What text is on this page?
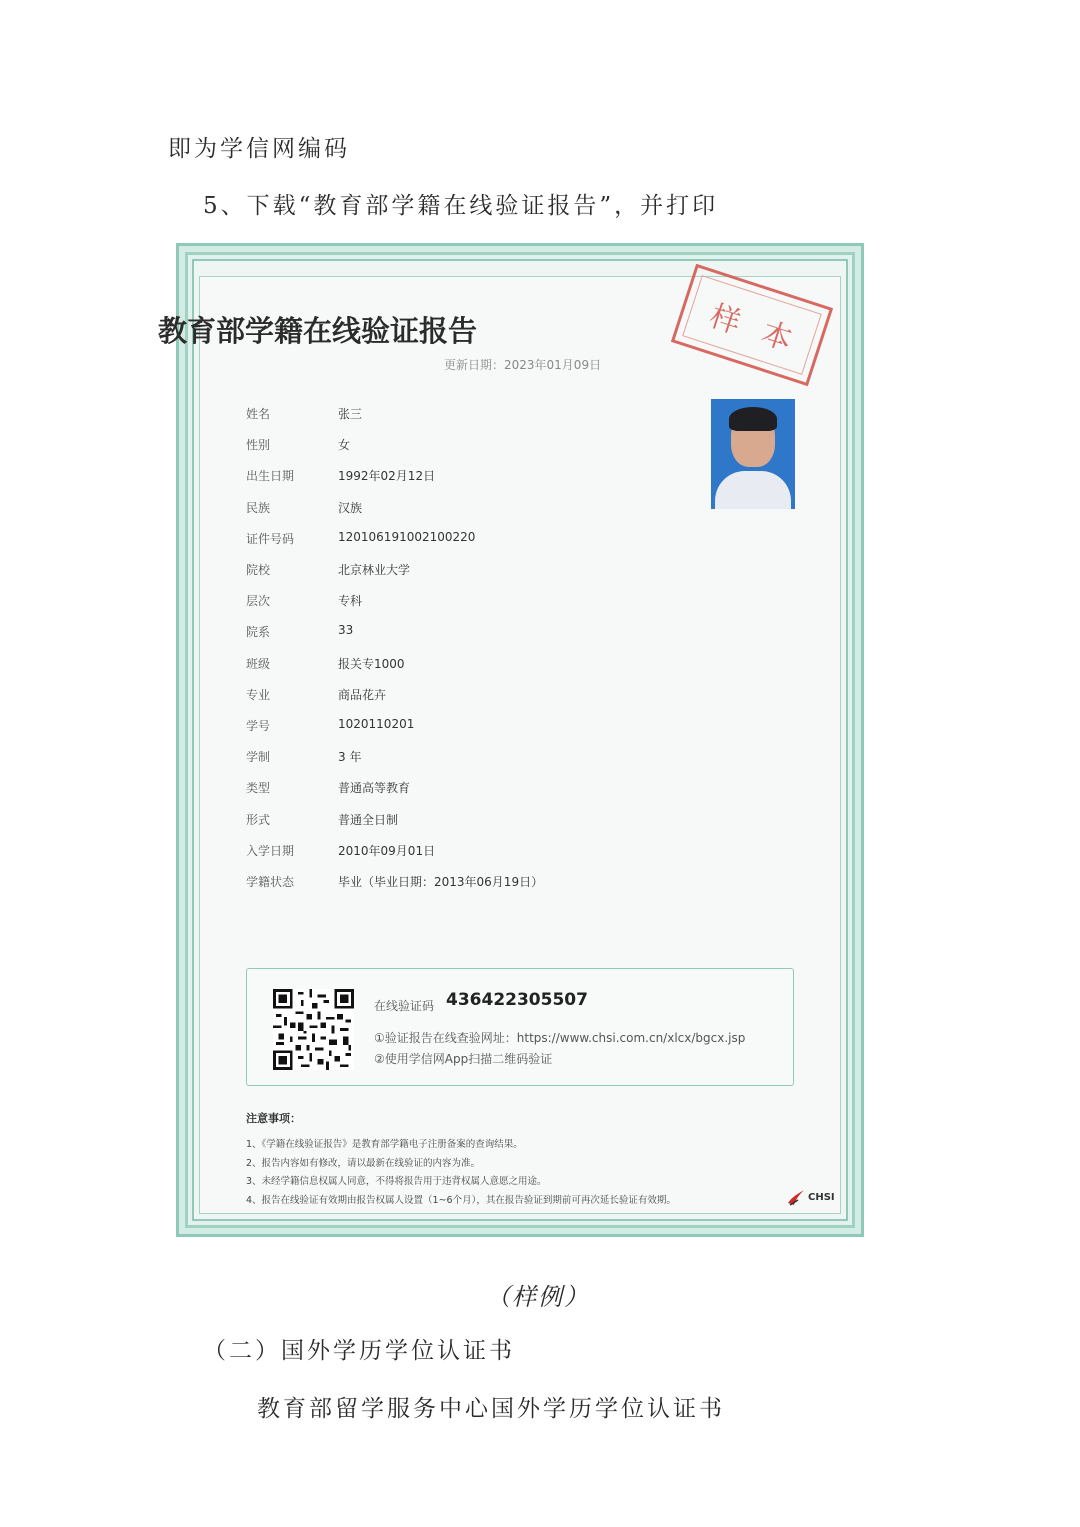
即为学信网编码
5、下载“教育部学籍在线验证报告”，并打印
教育部学籍在线验证报告
更新日期：2023年01月09日
样 本
姓名	张三
性别	女
出生日期	1992年02月12日
民族	汉族
证件号码	120106191002100220
院校	北京林业大学
层次	专科
院系	33
班级	报关专1000
专业	商品花卉
学号	1020110201
学制	3 年
类型	普通高等教育
形式	普通全日制
入学日期	2010年09月01日
学籍状态	毕业（毕业日期：2013年06月19日）
在线验证码 436422305507
①验证报告在线查验网址：https://www.chsi.com.cn/xlcx/bgcx.jsp
②使用学信网App扫描二维码验证
注意事项：
1、《学籍在线验证报告》是教育部学籍电子注册备案的查询结果。
2、报告内容如有修改，请以最新在线验证的内容为准。
3、未经学籍信息权属人同意，不得将报告用于违背权属人意愿之用途。
4、报告在线验证有效期由报告权属人设置（1~6个月），其在报告验证到期前可再次延长验证有效期。	CHSI
（样例）
（二）国外学历学位认证书
教育部留学服务中心国外学历学位认证书
